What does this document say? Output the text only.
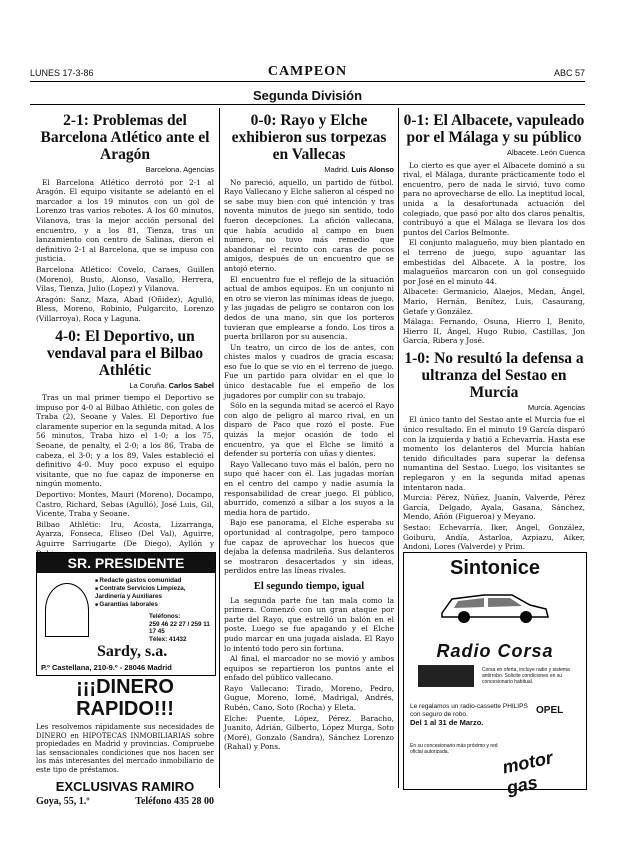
LUNES 17-3-86	CAMPEON	ABC 57
Segunda División
2-1: Problemas del Barcelona Atlético ante el Aragón
Barcelona. Agencias

El Barcelona Atlético derrotó por 2-1 al Aragón. El equipo visitante se adelantó en el marcador a los 19 minutos con un gol de Lorenzo tras varios rebotes. A los 60 minutos, Vilanova, tras la mejor acción personal del encuentro, y a los 81, Tienza, tras un lanzamiento con centro de Salinas, dieron el definitivo 2-1 al Barcelona, que se impuso con justicia.

Barcelona Atlético: Covelo, Caraes, Guillen (Moreno), Busto, Alonso, Vasallo, Herrera, Vilas, Tienza, Julio (Lopez) y Vilanova.

Aragón: Sanz, Maza, Abad (Oñidez), Agulló, Bless, Moreno, Robinio, Pulgarcito, Lorenzo (Villarroya), Roca y Laguna.

4-0: El Deportivo, un vendaval para el Bilbao Athlétic
La Coruña. Carlos Sabel

Tras un mal primer tiempo el Deportivo se impuso por 4-0 al Bilbao Athlétic, con goles de Traba (2), Seoane y Vales. El Deportivo fue claramente superior en la segunda mitad. A los 56 minutos, Traba hizo el 1-0; a los 75, Seoane, de penalty, el 2-0; a los 86, Traba de cabeza, el 3-0; y a los 89, Vales estableció el definitivo 4-0. Muy poco expuso el equipo visitante, que no fue capaz de imponerse en ningún momento.

Deportivo: Montes, Mauri (Moreno), Docampo, Castro, Richard, Sebas (Agulló), José Luis, Gil, Vicente, Traba y Seoane.

Bilbao Athlétic: Iru, Acosta, Lizarranga, Ayarza, Fonseca, Eliseo (Del Val), Aguirre, Aguirre Sarriugarte (De Diego), Ayllón y

SR. PRESIDENTE
■ Redacte gastos comunidad
■ Contrate Servicios Limpieza, Jardinería y Auxiliares
■ Garantías laborales
Teléfonos:
259 46 22 27 / 259 11 17 45
Télex: 41432
Sardy, s.a.
P.º Castellana, 210-9.º - 28046 Madrid
¡¡¡DINERO RAPIDO!!!
Les resolvemos rápidamente sus necesidades de DINERO en HIPOTECAS INMOBILIARIAS sobre propiedades en Madrid y provincias. Compruebe las sensacionales condiciones que nos hacen ser los más interesantes del mercado inmobiliario de este tipo de préstamos.
EXCLUSIVAS RAMIRO
Goya, 55, 1.º	Teléfono 435 28 00
0-0: Rayo y Elche exhibieron sus torpezas en Vallecas
Madrid. Luis Alonso

No pareció, aquello, un partido de fútbol. Rayo Vallecano y Elche salieron al césped no se sabe muy bien con qué intención y tras noventa minutos de juego sin sentido, todo fueron decepciones. La afición vallecana, que había acudido al campo en buen número, no tuvo más remedio que abandonar el recinto con caras de pocos amigos, después de un encuentro que se antojó eterno.

El encuentro fue el reflejo de la situación actual de ambos equipos. En un conjunto ni en otro se vieron las mínimas ideas de juego, y las jugadas de peligro se contaron con los dedos de una mano, sin que los porteros tuvieran que emplearse a fondo. Los tiros a puerta brillaron por su ausencia.

Un teatro, un circo de los de antes, con chistes malos y cuadros de gracia escasa; eso fue lo que se vio en el terreno de juego. Fue un partido para olvidar en el que lo único destacable fue el empeño de los jugadores por cumplir con su trabajo.

Sólo en la segunda mitad se acercó el Rayo con algo de peligro al marco rival, en un disparo de Paco que rozó el poste. Fue quizás la mejor ocasión de todo el encuentro, ya que el Elche se limitó a defender su portería con uñas y dientes.

Rayo Vallecano tuvo más el balón, pero no supo qué hacer con él. Las jugadas morían en el centro del campo y nadie asumía la responsabilidad de crear juego. El público, aburrido, comenzó a silbar a los suyos a la media hora de partido.

Bajo ese panorama, el Elche esperaba su oportunidad al contragolpe, pero tampoco fue capaz de aprovechar los huecos que dejaba la defensa madrileña. Sus delanteros se mostraron desacertados y sin ideas, perdidos entre las líneas rivales.

El segundo tiempo, igual

La segunda parte fue tan mala como la primera. Comenzó con un gran ataque por parte del Rayo, que estrelló un balón en el poste. Luego se fue apagando y el Elche pudo marcar en una jugada aislada. El Rayo lo intentó todo pero sin fortuna.

Al final, el marcador no se movió y ambos equipos se repartieron los puntos ante el enfado del público vallecano.

Rayo Vallecano: Tirado, Moreno, Pedro, Gugue, Moreno, Iomé, Madrigal, Andrés, Rubén, Cano, Soto (Rocha) y Eleta.

Elche: Puente, López, Pérez, Baracho, Juanito, Adrián, Gilberto, López Murga, Soto (Moré), Gonzalo (Sandra), Sánchez Lorenzo (Rahal) y Pons.

0-1: El Albacete, vapuleado por el Málaga y su público
Albacete. León Cuenca

Lo cierto es que ayer el Albacete dominó a su rival, el Málaga, durante prácticamente todo el encuentro, pero de nada le sirvió, tuvo como para no aprovecharse de ello. La ineptitud local, unida a la desafortunada actuación del colegiado, que pasó por alto dos claros penaltis, contribuyó a que el Málaga se llevara los dos puntos del Carlos Belmonte.

El conjunto malagueño, muy bien plantado en el terreno de juego, supo aguantar las embestidas del Albacete. A la postre, los malagueños marcaron con un gol conseguido por José en el minuto 44.

Albacete: Germanicio, Alaejos, Medan, Ángel, Mario, Hernán, Benítez, Luis, Casaurang, Getafe y González.

Málaga: Fernando, Osuna, Hierro I, Benito, Hierro II, Ángel, Hugo Rubio, Castillas, Jon García, Ribera y José.

1-0: No resultó la defensa a ultranza del Sestao en Murcia
Murcia. Agencias

El único tanto del Sestao ante el Murcia fue el único resultado. En el minuto 19 García disparó con la izquierda y batió a Echevarría. Hasta ese momento los delanteros del Murcia habían tenido dificultades para superar la defensa numantina del Sestao. Luego, los visitantes se replegaron y en la segunda mitad apenas intentaron nada.

Murcia: Pérez, Núñez, Juanín, Valverde, Pérez García, Delgado, Ayala, Gasana, Sánchez, Mendo, Añón (Figueroa) y Meyano.

Sestao: Echevarría, Iker, Angel, González, Goiburu, Andía, Astarloa, Azpiazu, Aiker, Andoni, Lores (Valverde) y Prim.

Sintonice
Radio Corsa
Corsa en oferta, incluye radio y sistema antirrobo. Solicite condiciones en su concesionario habitual.
Le regalamos un radio-cassette PHILIPS con seguro de robo.
Del 1 al 31 de Marzo.
OPEL
En su concesionario más próximo y red oficial autorizada.	motor gas
